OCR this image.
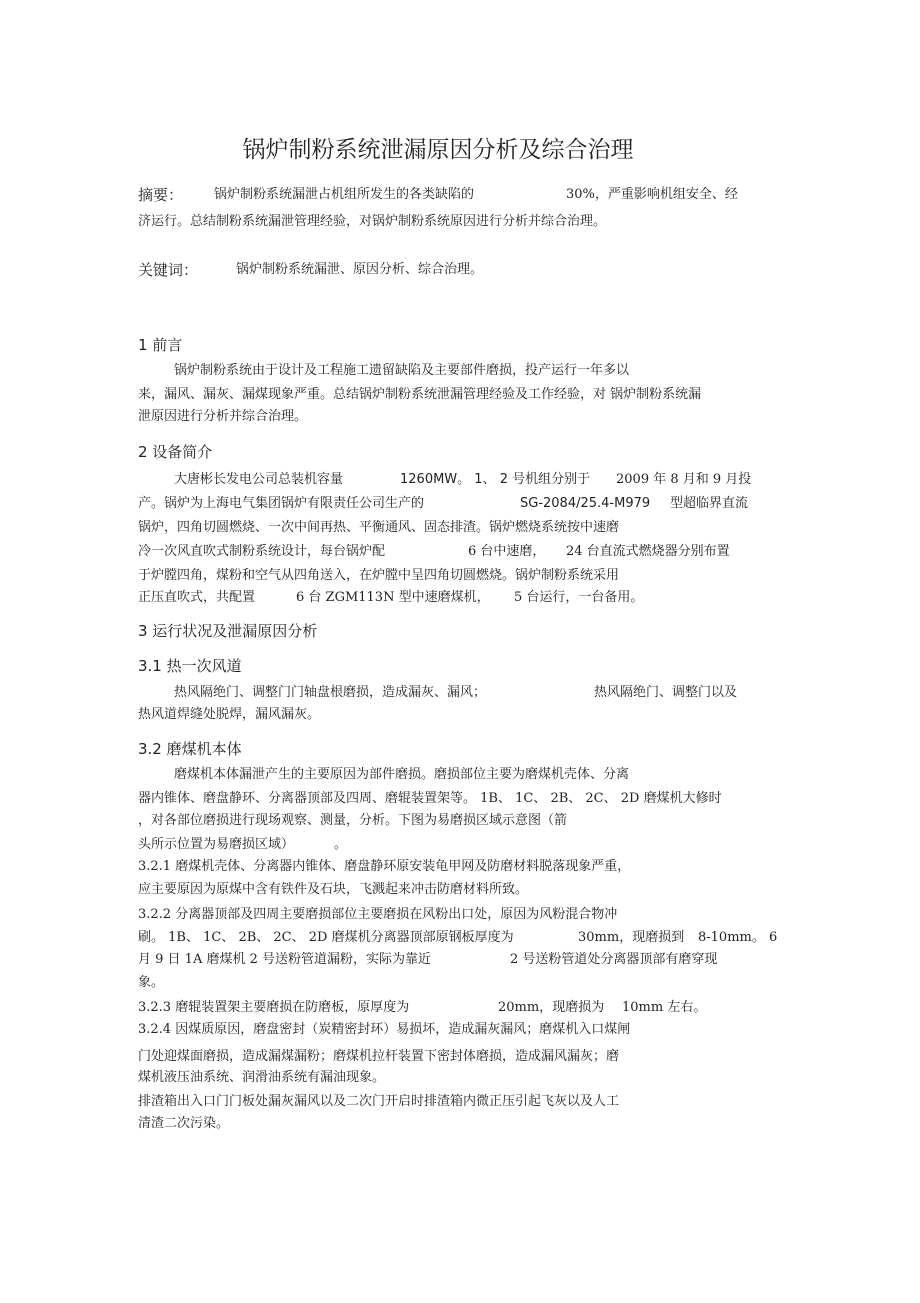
锅炉制粉系统泄漏原因分析及综合治理
摘要： 锅炉制粉系统漏泄占机组所发生的各类缺陷的	30%，严重影响机组安全、经
济运行。总结制粉系统漏泄管理经验，对锅炉制粉系统原因进行分析并综合治理。
关键词：	锅炉制粉系统漏泄、原因分析、综合治理。
1 前言
锅炉制粉系统由于设计及工程施工遗留缺陷及主要部件磨损，投产运行一年多以
来，漏风、漏灰、漏煤现象严重。总结锅炉制粉系统泄漏管理经验及工作经验，对 锅炉制粉系统漏
泄原因进行分析并综合治理。
2 设备简介
大唐彬长发电公司总装机容量	1260MW。 1、 2 号机组分别于 2009 年 8 月和 9 月投
产。锅炉为上海电气集团锅炉有限责任公司生产的	SG-2084/25.4-M979 型超临界直流
锅炉，四角切圆燃烧、一次中间再热、平衡通风、固态排渣。锅炉燃烧系统按中速磨
冷一次风直吹式制粉系统设计，每台锅炉配	6 台中速磨， 24 台直流式燃烧器分别布置
于炉膛四角，煤粉和空气从四角送入，在炉膛中呈四角切圆燃烧。锅炉制粉系统采用
正压直吹式，共配置	6 台 ZGM113N 型中速磨煤机， 5 台运行，一台备用。
3 运行状况及泄漏原因分析
3.1 热一次风道
热风隔绝门、调整门门轴盘根磨损，造成漏灰、漏风；	热风隔绝门、调整门以及
热风道焊缝处脱焊，漏风漏灰。
3.2 磨煤机本体
磨煤机本体漏泄产生的主要原因为部件磨损。磨损部位主要为磨煤机壳体、分离
器内锥体、磨盘静环、分离器顶部及四周、磨辊装置架等。 1B、 1C、 2B、 2C、 2D 磨煤机大修时
，对各部位磨损进行现场观察、测量，分析。下图为易磨损区域示意图（箭
头所示位置为易磨损区域）	。
3.2.1 磨煤机壳体、分离器内锥体、磨盘静环原安装龟甲网及防磨材料脱落现象严重，
应主要原因为原煤中含有铁件及石块，飞溅起来冲击防磨材料所致。
3.2.2 分离器顶部及四周主要磨损部位主要磨损在风粉出口处，原因为风粉混合物冲
刷。 1B、 1C、 2B、 2C、 2D 磨煤机分离器顶部原钢板厚度为	30mm，现磨损到 8-10mm。 6
月 9 日 1A 磨煤机 2 号送粉管道漏粉，实际为靠近	2 号送粉管道处分离器顶部有磨穿现
象。
3.2.3 磨辊装置架主要磨损在防磨板，原厚度为	20mm，现磨损为 10mm 左右。
3.2.4 因煤质原因，磨盘密封（炭精密封环）易损坏，造成漏灰漏风；磨煤机入口煤闸
门处迎煤面磨损，造成漏煤漏粉；磨煤机拉杆装置下密封体磨损，造成漏风漏灰；磨
煤机液压油系统、润滑油系统有漏油现象。
排渣箱出入口门门板处漏灰漏风以及二次门开启时排渣箱内微正压引起飞灰以及人工
清渣二次污染。
